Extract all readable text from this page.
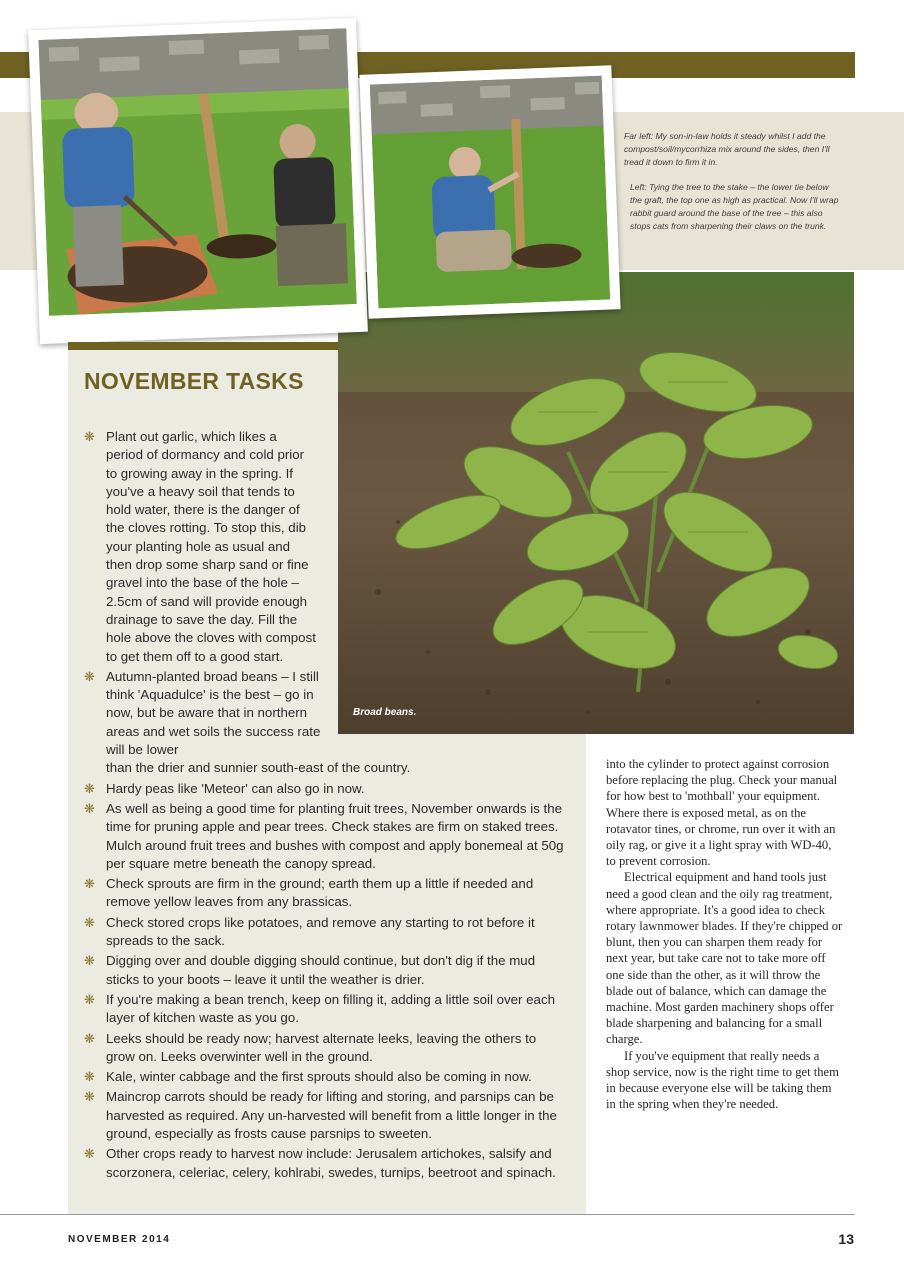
Broad beans.

Far left: My son-in-law holds it steady whilst I add the compost/soil/mycorrhiza mix around the sides, then I'll tread it down to firm it in.

Left: Tying the tree to the stake – the lower tie below the graft, the top one as high as practical. Now I'll wrap rabbit guard around the base of the tree – this also stops cats from sharpening their claws on the trunk.

NOVEMBER TASKS
❋ Plant out garlic, which likes a period of dormancy and cold prior to growing away in the spring. If you've a heavy soil that tends to hold water, there is the danger of the cloves rotting. To stop this, dib your planting hole as usual and then drop some sharp sand or fine gravel into the base of the hole – 2.5cm of sand will provide enough drainage to save the day. Fill the hole above the cloves with compost to get them off to a good start.
❋ Autumn-planted broad beans – I still think 'Aquadulce' is the best – go in now, but be aware that in northern areas and wet soils the success rate will be lower
than the drier and sunnier south-east of the country.
❋ Hardy peas like 'Meteor' can also go in now.
❋ As well as being a good time for planting fruit trees, November onwards is the time for pruning apple and pear trees. Check stakes are firm on staked trees. Mulch around fruit trees and bushes with compost and apply bonemeal at 50g per square metre beneath the canopy spread.
❋ Check sprouts are firm in the ground; earth them up a little if needed and remove yellow leaves from any brassicas.
❋ Check stored crops like potatoes, and remove any starting to rot before it spreads to the sack.
❋ Digging over and double digging should continue, but don't dig if the mud sticks to your boots – leave it until the weather is drier.
❋ If you're making a bean trench, keep on filling it, adding a little soil over each layer of kitchen waste as you go.
❋ Leeks should be ready now; harvest alternate leeks, leaving the others to grow on. Leeks overwinter well in the ground.
❋ Kale, winter cabbage and the first sprouts should also be coming in now.
❋ Maincrop carrots should be ready for lifting and storing, and parsnips can be harvested as required. Any un-harvested will benefit from a little longer in the ground, especially as frosts cause parsnips to sweeten.
❋ Other crops ready to harvest now include: Jerusalem artichokes, salsify and scorzonera, celeriac, celery, kohlrabi, swedes, turnips, beetroot and spinach.

into the cylinder to protect against corrosion before replacing the plug. Check your manual for how best to 'mothball' your equipment. Where there is exposed metal, as on the rotavator tines, or chrome, run over it with an oily rag, or give it a light spray with WD-40, to prevent corrosion.

Electrical equipment and hand tools just need a good clean and the oily rag treatment, where appropriate. It's a good idea to check rotary lawnmower blades. If they're chipped or blunt, then you can sharpen them ready for next year, but take care not to take more off one side than the other, as it will throw the blade out of balance, which can damage the machine. Most garden machinery shops offer blade sharpening and balancing for a small charge.

If you've equipment that really needs a shop service, now is the right time to get them in because everyone else will be taking them in the spring when they're needed.

NOVEMBER 2014	13
